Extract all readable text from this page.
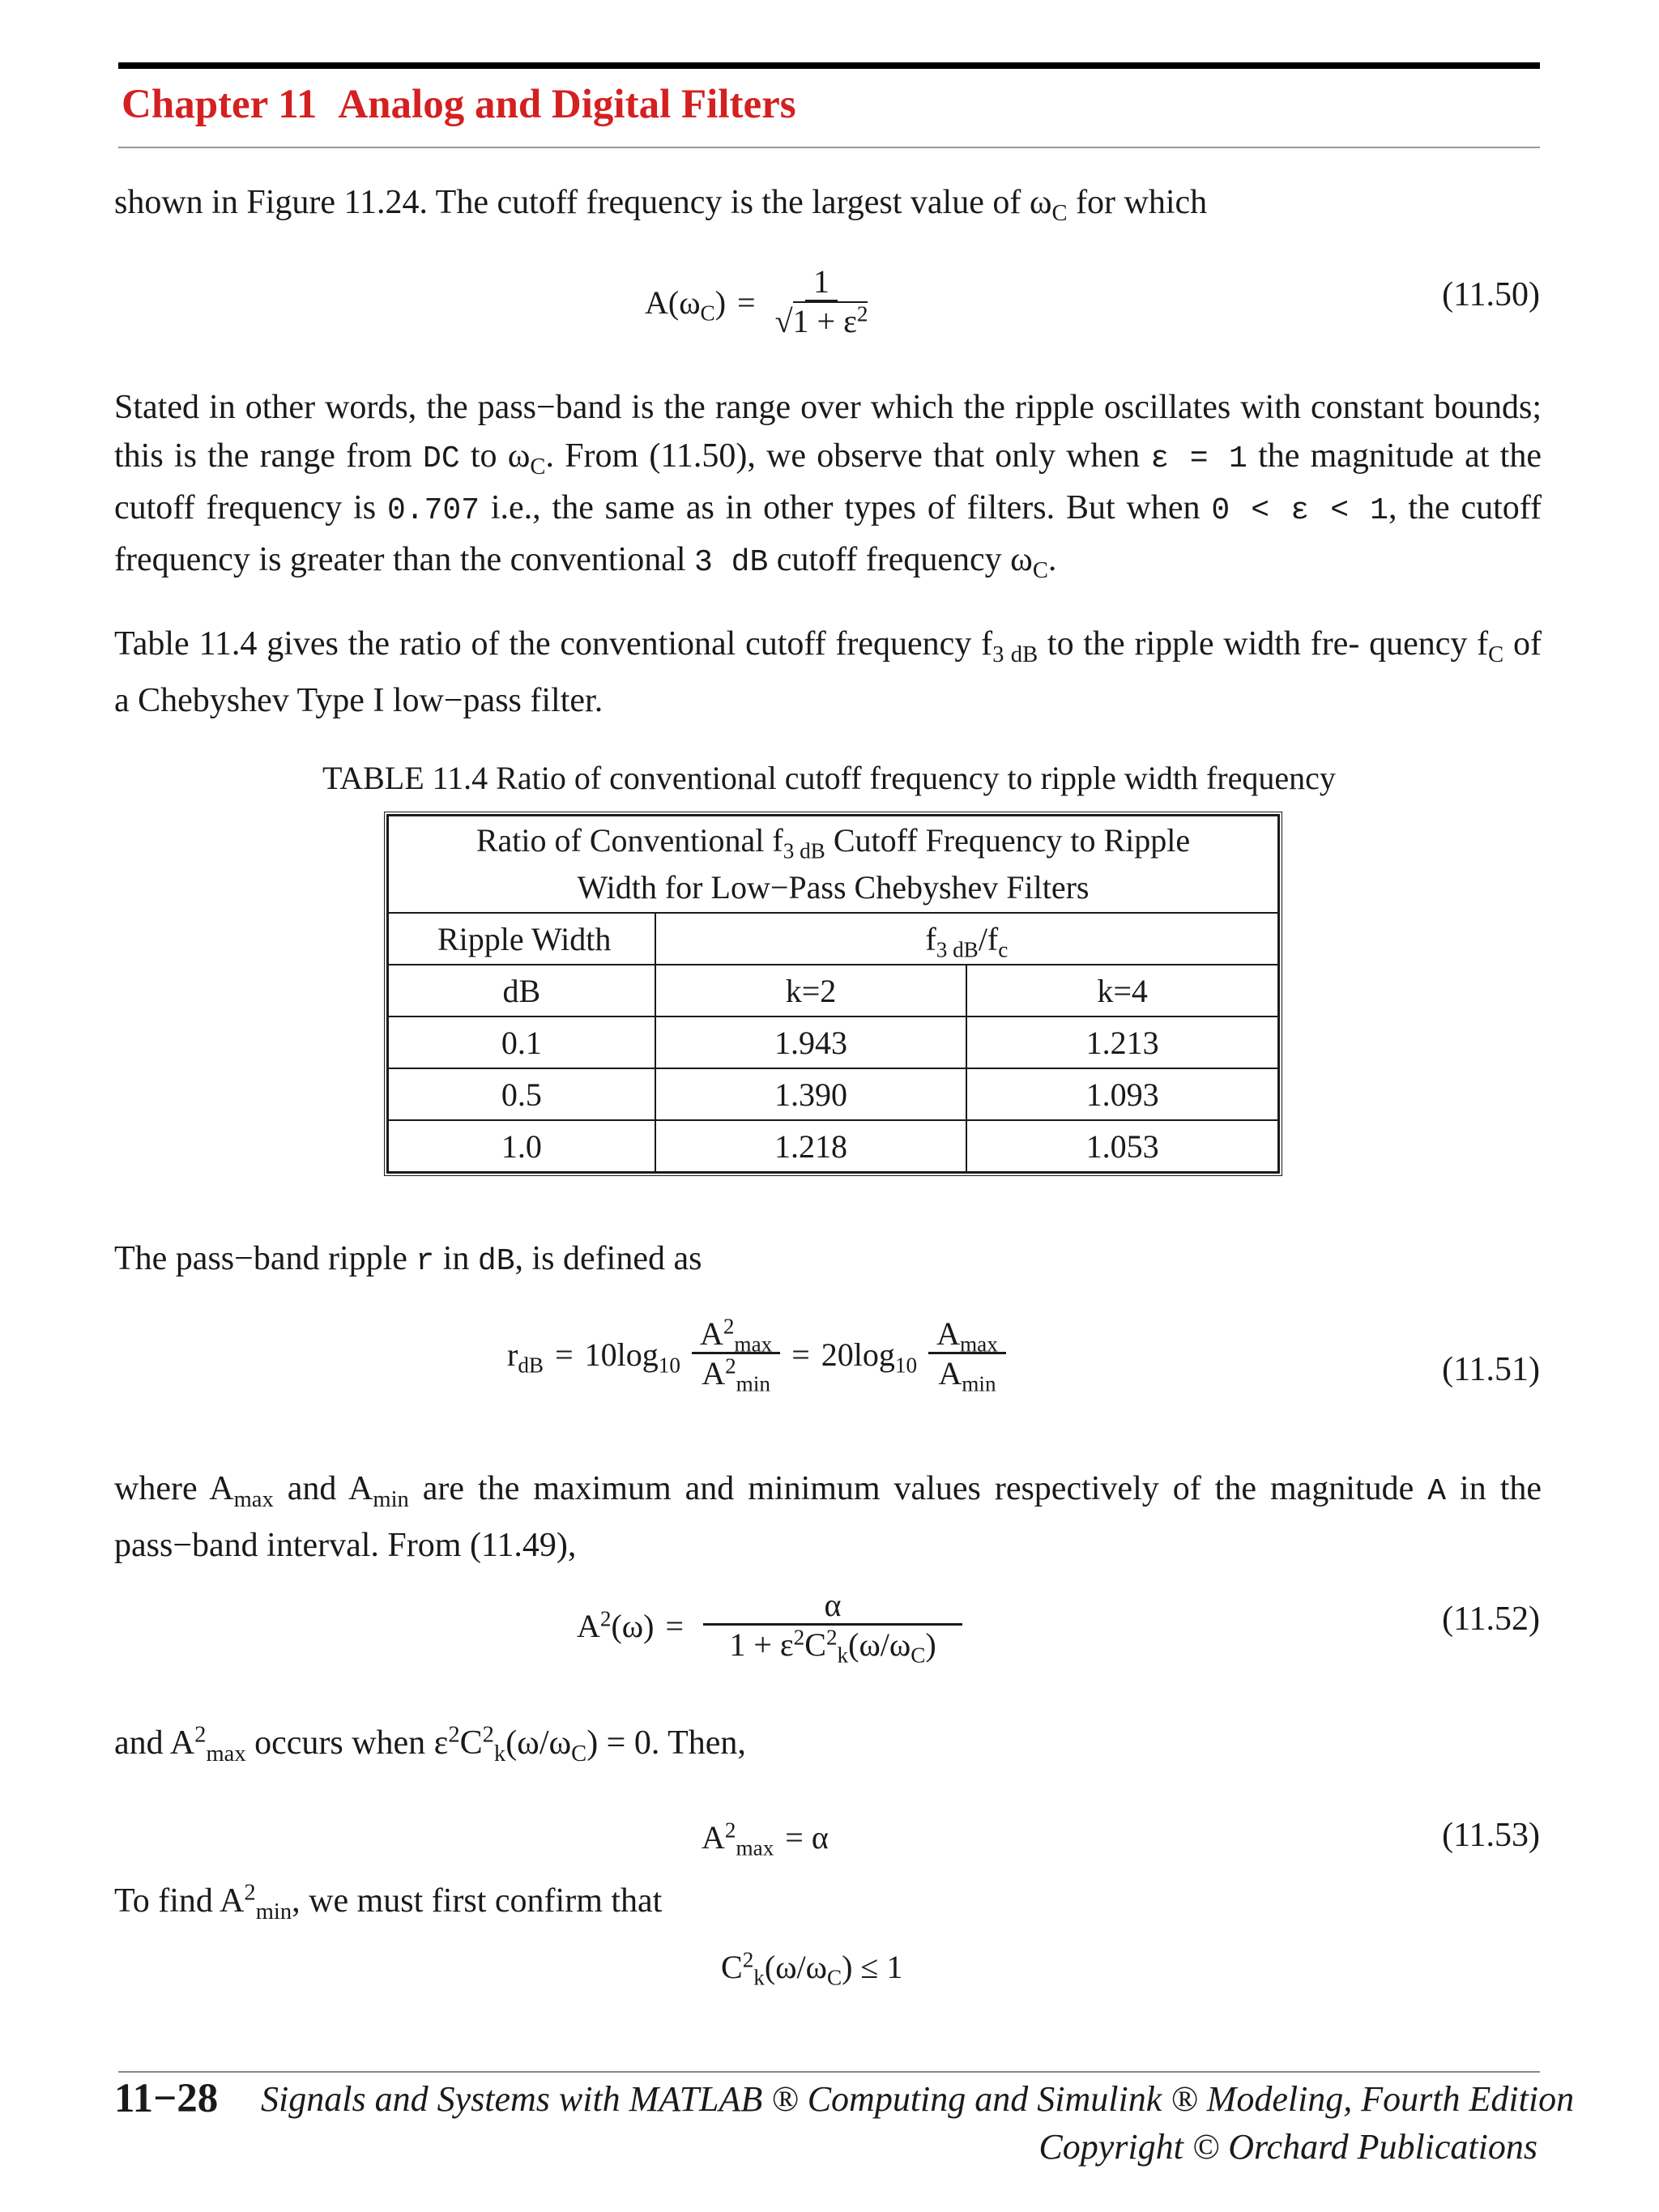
Chapter 11 Analog and Digital Filters
shown in Figure 11.24. The cutoff frequency is the largest value of $\omega_C$ for which
$A(\omega_C) = \frac{1}{√1 + \varepsilon^2}$	(11.50)
Stated in other words, the pass−band is the range over which the ripple oscillates with constant bounds; this is the range from DC to $\omega_C$. From (11.50), we observe that only when ε = 1 the magnitude at the cutoff frequency is 0.707 i.e., the same as in other types of filters. But when 0 < ε < 1, the cutoff frequency is greater than the conventional 3 dB cutoff frequency $\omega_C$.
Table 11.4 gives the ratio of the conventional cutoff frequency $f_{3 dB}$ to the ripple width fre- quency $f_C$ of a Chebyshev Type I low−pass filter.
TABLE 11.4 Ratio of conventional cutoff frequency to ripple width frequency
Ratio of Conventional $f_{3 dB}$ Cutoff Frequency to Ripple
Width for Low−Pass Chebyshev Filters		
Ripple Width	$f_{3 dB}/f_c$
dB	k=2	k=4
0.1	1.943	1.213
0.5	1.390	1.093
1.0	1.218	1.053
The pass−band ripple r in dB, is defined as
$r_{dB} = 10\log_{10} \frac{A^2_{max}}{A^2_{min}} = 20\log_{10} \frac{A_{max}}{A_{min}}$	(11.51)
where $A_{max}$ and $A_{min}$ are the maximum and minimum values respectively of the magnitude A in the pass−band interval. From (11.49),
$A^2(\omega) = \frac{\alpha}{1 + \varepsilon^2C^2_k(\omega/\omega_C)}$	(11.52)
and $A^2_{max}$ occurs when $\varepsilon^2C^2_k(\omega/\omega_C) = 0$. Then,
$A^2_{max} = \alpha$	(11.53)
To find $A^2_{min}$, we must first confirm that
$C^2_k(\omega/\omega_C) \le 1$
11−28 Signals and Systems with MATLAB ® Computing and Simulink ® Modeling, Fourth Edition
Copyright © Orchard Publications
